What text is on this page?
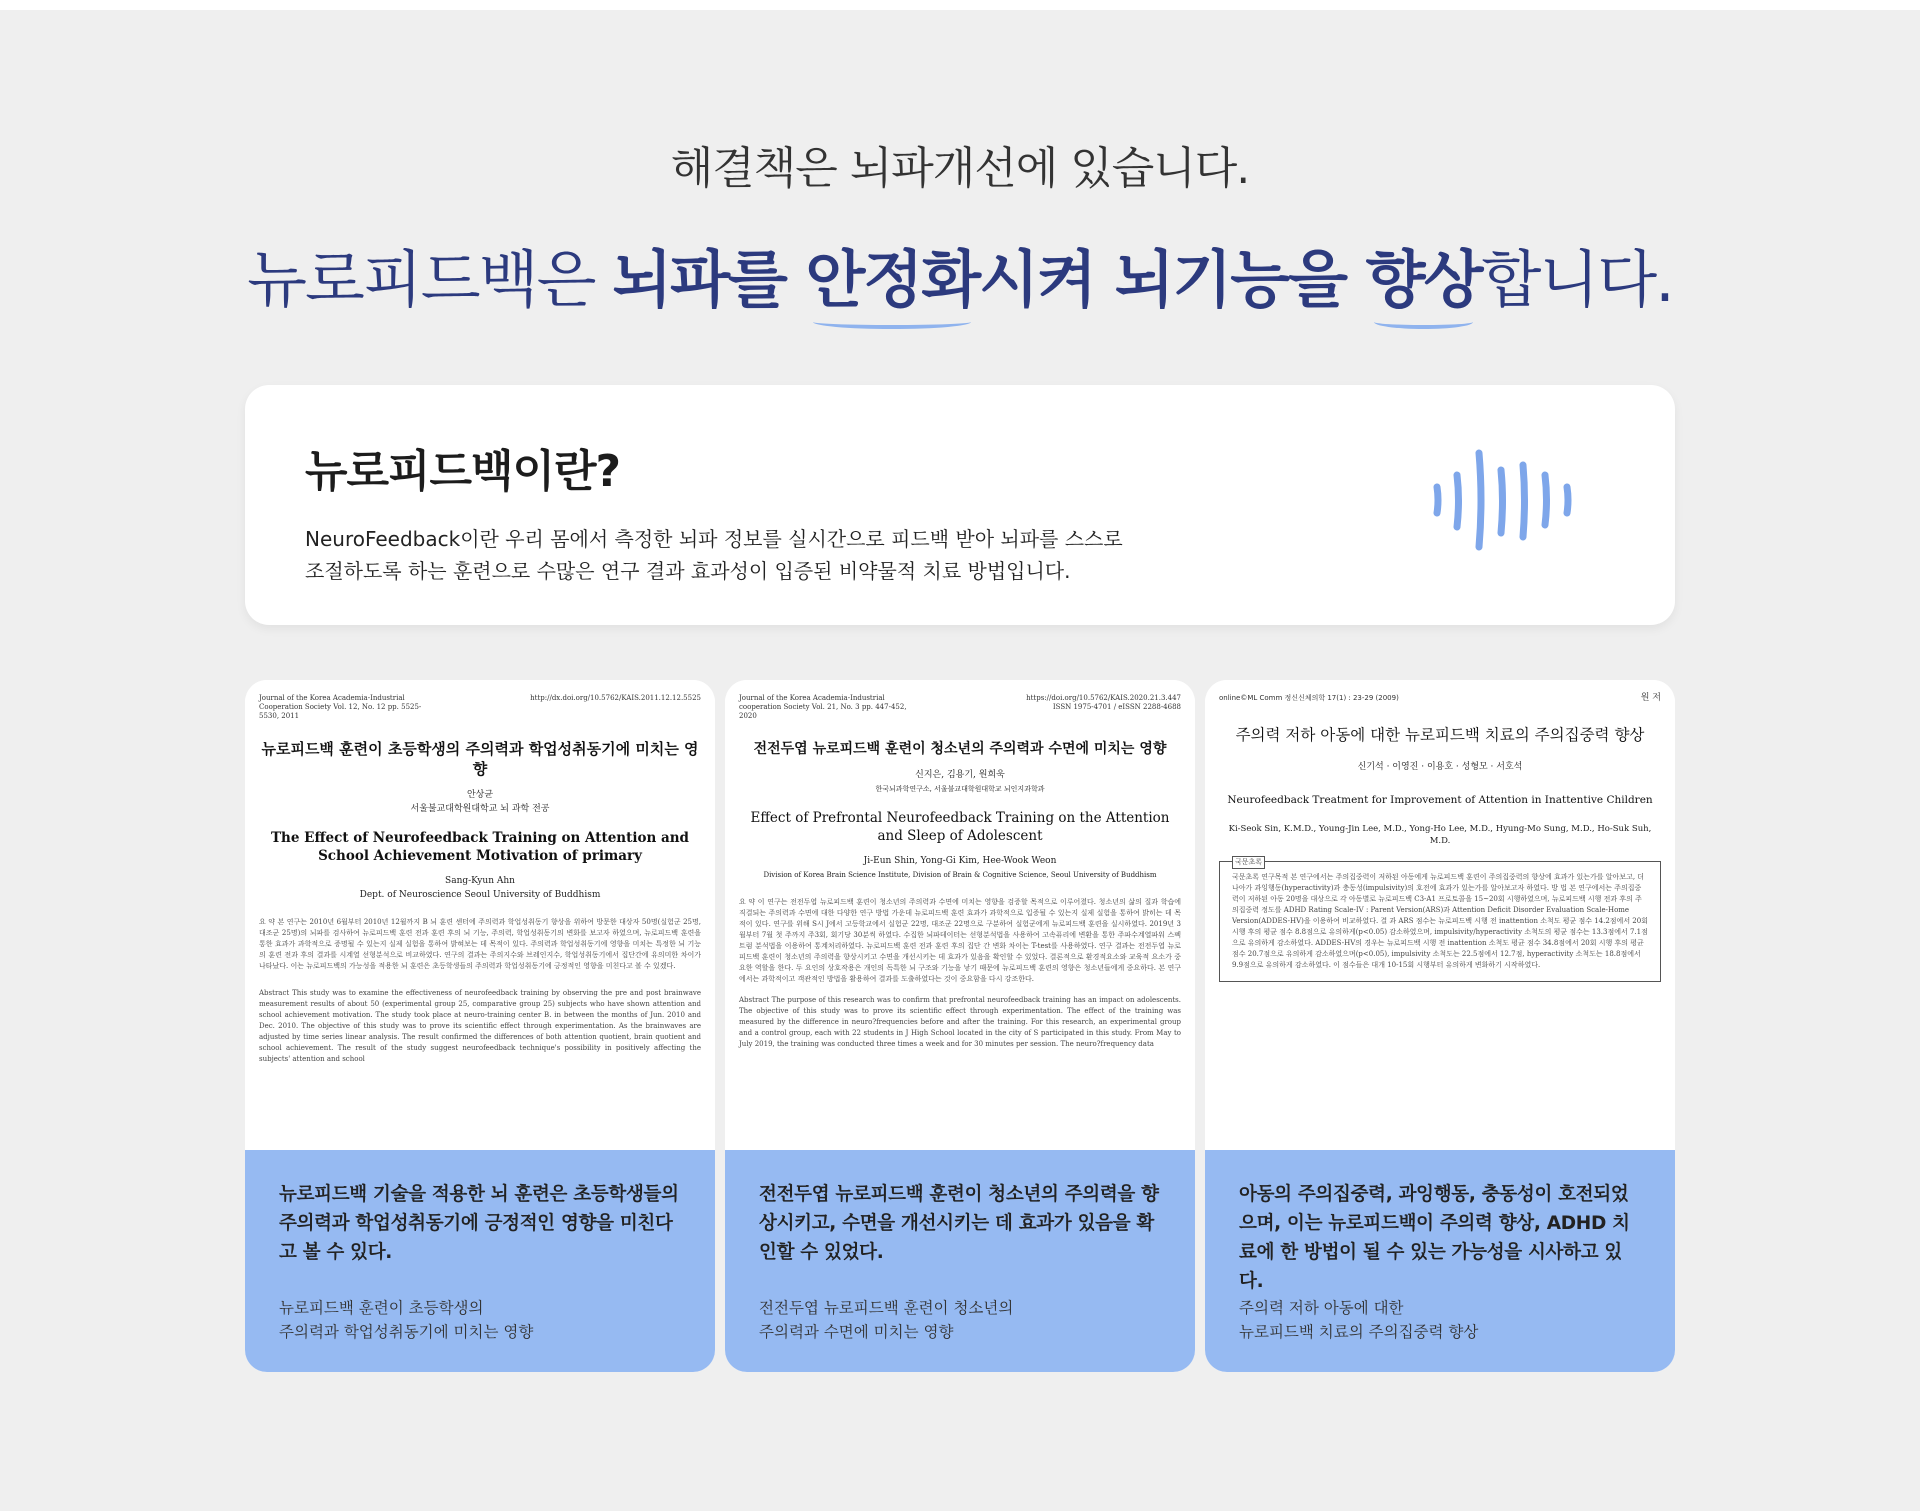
해결책은 뇌파개선에 있습니다.
뉴로피드백은 뇌파를 안정화시켜 뇌기능을 향상합니다.
뉴로피드백이란?
NeuroFeedback이란 우리 몸에서 측정한 뇌파 정보를 실시간으로 피드백 받아 뇌파를 스스로
조절하도록 하는 훈련으로 수많은 연구 결과 효과성이 입증된 비약물적 치료 방법입니다.
Journal of the Korea Academia-Industrial Cooperation Society Vol. 12, No. 12 pp. 5525-5530, 2011
http://dx.doi.org/10.5762/KAIS.2011.12.12.5525
뉴로피드백 훈련이 초등학생의 주의력과 학업성취동기에 미치는 영향
안상균
서울불교대학원대학교 뇌 과학 전공
The Effect of Neurofeedback Training on Attention and School Achievement Motivation of primary
Sang-Kyun Ahn
Dept. of Neuroscience Seoul University of Buddhism
요 약 본 연구는 2010년 6월부터 2010년 12월까지 B 뇌 훈련 센터에 주의력과 학업성취동기 향상을 위하여 방문한 대상자 50명(실험군 25명, 대조군 25명)의 뇌파를 검사하여 뉴로피드백 훈련 전과 훈련 후의 뇌 기능, 주의력, 학업성취동기의 변화를 보고자 하였으며, 뉴로피드백 훈련을 통한 효과가 과학적으로 증명될 수 있는지 실제 실험을 통하여 밝혀보는 데 목적이 있다. 주의력과 학업성취동기에 영향을 미치는 특정한 뇌 기능의 훈련 전과 후의 결과를 시계열 선형분석으로 비교하였다. 연구의 결과는 주의지수와 브레인지수, 학업성취동기에서 집단간에 유의미한 차이가 나타났다. 이는 뉴로피드백의 가능성을 적용한 뇌 훈련은 초등학생들의 주의력과 학업성취동기에 긍정적인 영향을 미친다고 볼 수 있겠다.
Abstract This study was to examine the effectiveness of neurofeedback training by observing the pre and post brainwave measurement results of about 50 (experimental group 25, comparative group 25) subjects who have shown attention and school achievement motivation. The study took place at neuro-training center B. in between the months of Jun. 2010 and Dec. 2010. The objective of this study was to prove its scientific effect through experimentation. As the brainwaves are adjusted by time series linear analysis. The result confirmed the differences of both attention quotient, brain quotient and school achievement. The result of the study suggest neurofeedback technique's possibility in positively affecting the subjects' attention and school
뉴로피드백 기술을 적용한 뇌 훈련은 초등학생들의 주의력과 학업성취동기에 긍정적인 영향을 미친다고 볼 수 있다.
뉴로피드백 훈련이 초등학생의
주의력과 학업성취동기에 미치는 영향
Journal of the Korea Academia-Industrial cooperation Society Vol. 21, No. 3 pp. 447-452, 2020
https://doi.org/10.5762/KAIS.2020.21.3.447 ISSN 1975-4701 / eISSN 2288-4688
전전두엽 뉴로피드백 훈련이 청소년의 주의력과 수면에 미치는 영향
신지은, 김용기, 원희욱
한국뇌과학연구소, 서울불교대학원대학교 뇌인지과학과
Effect of Prefrontal Neurofeedback Training on the Attention and Sleep of Adolescent
Ji-Eun Shin, Yong-Gi Kim, Hee-Wook Weon
Division of Korea Brain Science Institute, Division of Brain & Cognitive Science, Seoul University of Buddhism
요 약 이 연구는 전전두엽 뉴로피드백 훈련이 청소년의 주의력과 수면에 미치는 영향을 검증할 목적으로 이루어졌다. 청소년의 삶의 질과 학습에 직결되는 주의력과 수면에 대한 다양한 연구 방법 가운데 뉴로피드백 훈련 효과가 과학적으로 입증될 수 있는지 실제 실험을 통하여 밝히는 데 목적이 있다. 연구를 위해 S시 J에서 고등학교에서 실험군 22명, 대조군 22명으로 구분하여 실험군에게 뉴로피드백 훈련을 실시하였다. 2019년 3월부터 7월 첫 주까지 주3회, 회기당 30분씩 하였다. 수집한 뇌파데이터는 선형분석법을 사용하여 고속퓨리에 변환을 통한 주파수계열파워 스펙트럼 분석법을 이용하여 통계처리하였다. 뉴로피드백 훈련 전과 훈련 후의 집단 간 변화 차이는 T-test를 사용하였다. 연구 결과는 전전두엽 뉴로피드백 훈련이 청소년의 주의력을 향상시키고 수면을 개선시키는 데 효과가 있음을 확인할 수 있었다. 결론적으로 환경적요소와 교육적 요소가 중요한 역할을 한다. 두 요인의 상호작용은 개인의 독특한 뇌 구조와 기능을 낳기 때문에 뉴로피드백 훈련의 영향은 청소년들에게 중요하다. 본 연구에서는 과학적이고 객관적인 방법을 활용하여 결과를 도출하였다는 것이 중요함을 다시 강조한다.
Abstract The purpose of this research was to confirm that prefrontal neurofeedback training has an impact on adolescents. The objective of this study was to prove its scientific effect through experimentation. The effect of the training was measured by the difference in neuro?frequencies before and after the training. For this research, an experimental group and a control group, each with 22 students in J High School located in the city of S participated in this study. From May to July 2019, the training was conducted three times a week and for 30 minutes per session. The neuro?frequency data
전전두엽 뉴로피드백 훈련이 청소년의 주의력을 향상시키고, 수면을 개선시키는 데 효과가 있음을 확인할 수 있었다.
전전두엽 뉴로피드백 훈련이 청소년의
주의력과 수면에 미치는 영향
online©ML Comm 정신신체의학 17(1) : 23-29 (2009)	원 저
주의력 저하 아동에 대한 뉴로피드백 치료의 주의집중력 향상
신기석 · 이영진 · 이용호 · 성형모 · 서호석
Neurofeedback Treatment for Improvement of Attention in Inattentive Children
Ki-Seok Sin, K.M.D., Young-Jin Lee, M.D., Yong-Ho Lee, M.D., Hyung-Mo Sung, M.D., Ho-Suk Suh, M.D.
국문초록
국문초록 연구목적 본 연구에서는 주의집중력이 저하된 아동에게 뉴로피드백 훈련이 주의집중력의 향상에 효과가 있는가를 알아보고, 더 나아가 과잉행동(hyperactivity)과 충동성(impulsivity)의 호전에 효과가 있는가를 알아보고자 하였다. 방 법 본 연구에서는 주의집중력이 저하된 아동 20명을 대상으로 각 아동별로 뉴로피드백 C3-A1 프로토콜을 15~20회 시행하였으며, 뉴로피드백 시행 전과 후의 주의집중력 정도를 ADHD Rating Scale-IV : Parent Version(ARS)과 Attention Deficit Disorder Evaluation Scale-Home Version(ADDES-HV)을 이용하여 비교하였다. 결 과 ARS 점수는 뉴로피드백 시행 전 inattention 소척도 평균 점수 14.2점에서 20회 시행 후의 평균 점수 8.8점으로 유의하게(p<0.05) 감소하였으며, impulsivity/hyperactivity 소척도의 평균 점수는 13.3점에서 7.1점으로 유의하게 감소하였다. ADDES-HV의 경우는 뉴로피드백 시행 전 inattention 소척도 평균 점수 34.8점에서 20회 시행 후의 평균 점수 20.7점으로 유의하게 감소하였으며(p<0.05), impulsivity 소척도는 22.5점에서 12.7점, hyperactivity 소척도는 18.8점에서 9.9점으로 유의하게 감소하였다. 이 점수들은 대개 10-15회 시행부터 유의하게 변화하기 시작하였다.
아동의 주의집중력, 과잉행동, 충동성이 호전되었으며, 이는 뉴로피드백이 주의력 향상, ADHD 치료에 한 방법이 될 수 있는 가능성을 시사하고 있다.
주의력 저하 아동에 대한
뉴로피드백 치료의 주의집중력 향상
